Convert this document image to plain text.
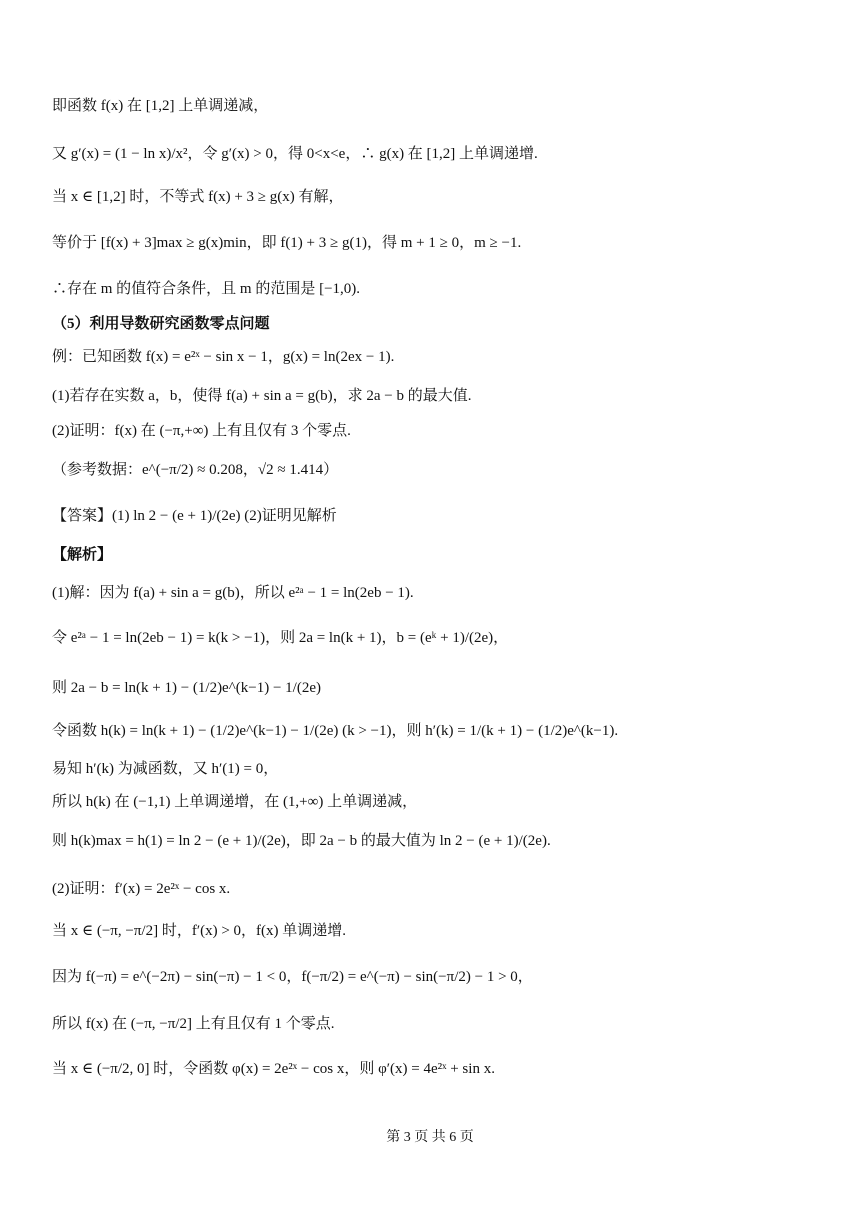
即函数 f(x) 在 [1,2] 上单调递减，
又 g′(x) = (1 − ln x)/x²，令 g′(x) > 0，得 0<x<e，∴ g(x) 在 [1,2] 上单调递增.
当 x ∈ [1,2] 时，不等式 f(x) + 3 ≥ g(x) 有解，
等价于 [f(x) + 3]max ≥ g(x)min，即 f(1) + 3 ≥ g(1)，得 m + 1 ≥ 0，m ≥ −1.
∴存在 m 的值符合条件，且 m 的范围是 [−1,0).
（5）利用导数研究函数零点问题
例：已知函数 f(x) = e²ˣ − sin x − 1，g(x) = ln(2ex − 1).
(1)若存在实数 a，b，使得 f(a) + sin a = g(b)，求 2a − b 的最大值.
(2)证明：f(x) 在 (−π,+∞) 上有且仅有 3 个零点.
（参考数据：e^(−π/2) ≈ 0.208，√2 ≈ 1.414）
【答案】(1) ln 2 − (e + 1)/(2e) (2)证明见解析
【解析】
(1)解：因为 f(a) + sin a = g(b)，所以 e²ᵃ − 1 = ln(2eb − 1).
令 e²ᵃ − 1 = ln(2eb − 1) = k(k > −1)，则 2a = ln(k + 1)，b = (eᵏ + 1)/(2e)，
则 2a − b = ln(k + 1) − (1/2)e^(k−1) − 1/(2e)
令函数 h(k) = ln(k + 1) − (1/2)e^(k−1) − 1/(2e) (k > −1)，则 h′(k) = 1/(k + 1) − (1/2)e^(k−1).
易知 h′(k) 为减函数，又 h′(1) = 0，
所以 h(k) 在 (−1,1) 上单调递增，在 (1,+∞) 上单调递减，
则 h(k)max = h(1) = ln 2 − (e + 1)/(2e)，即 2a − b 的最大值为 ln 2 − (e + 1)/(2e).
(2)证明：f′(x) = 2e²ˣ − cos x.
当 x ∈ (−π, −π/2] 时，f′(x) > 0，f(x) 单调递增.
因为 f(−π) = e^(−2π) − sin(−π) − 1 < 0，f(−π/2) = e^(−π) − sin(−π/2) − 1 > 0，
所以 f(x) 在 (−π, −π/2] 上有且仅有 1 个零点.
当 x ∈ (−π/2, 0] 时，令函数 φ(x) = 2e²ˣ − cos x，则 φ′(x) = 4e²ˣ + sin x.
第 3 页 共 6 页
